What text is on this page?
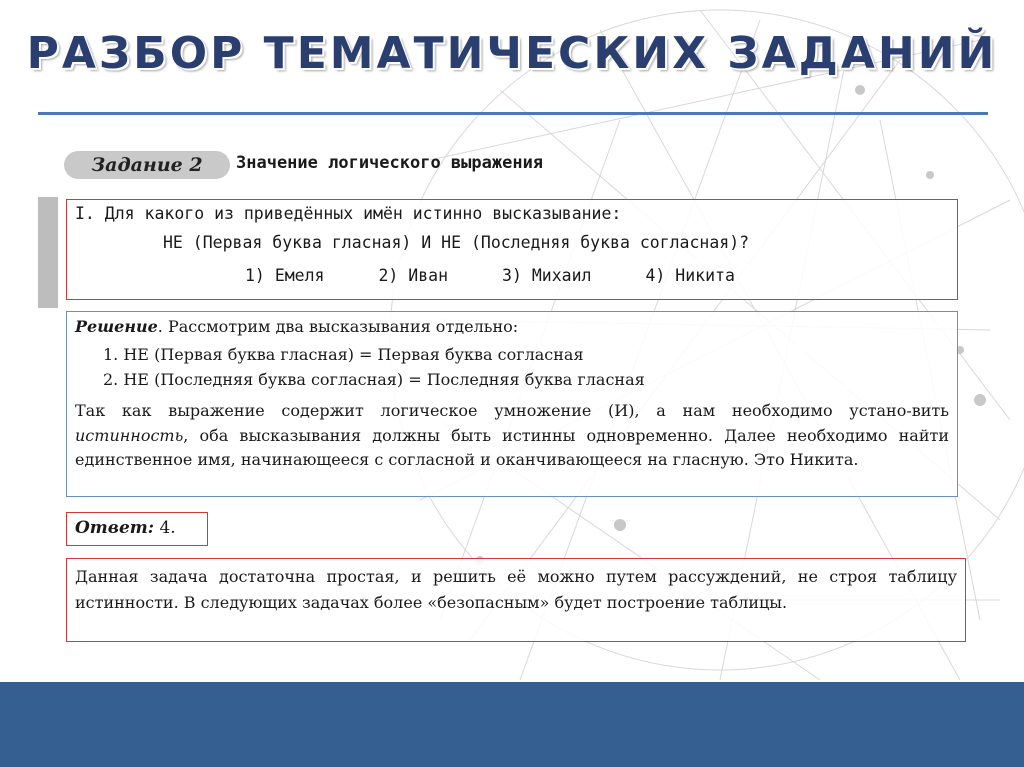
РАЗБОР ТЕМАТИЧЕСКИХ ЗАДАНИЙ
Задание 2	Значение логического выражения
I. Для какого из приведённых имён истинно высказывание:
НЕ (Первая буква гласная) И НЕ (Последняя буква согласная)?
1) Емеля	2) Иван	3) Михаил	4) Никита
Решение. Рассмотрим два высказывания отдельно:
1. НЕ (Первая буква гласная) = Первая буква согласная
2. НЕ (Последняя буква согласная) = Последняя буква гласная
Так как выражение содержит логическое умножение (И), а нам необходимо устано-вить истинность, оба высказывания должны быть истинны одновременно. Далее необходимо найти единственное имя, начинающееся с согласной и оканчивающееся на гласную. Это Никита.
Ответ: 4.
Данная задача достаточна простая, и решить её можно путем рассуждений, не строя таблицу истинности. В следующих задачах более «безопасным» будет построение таблицы.
